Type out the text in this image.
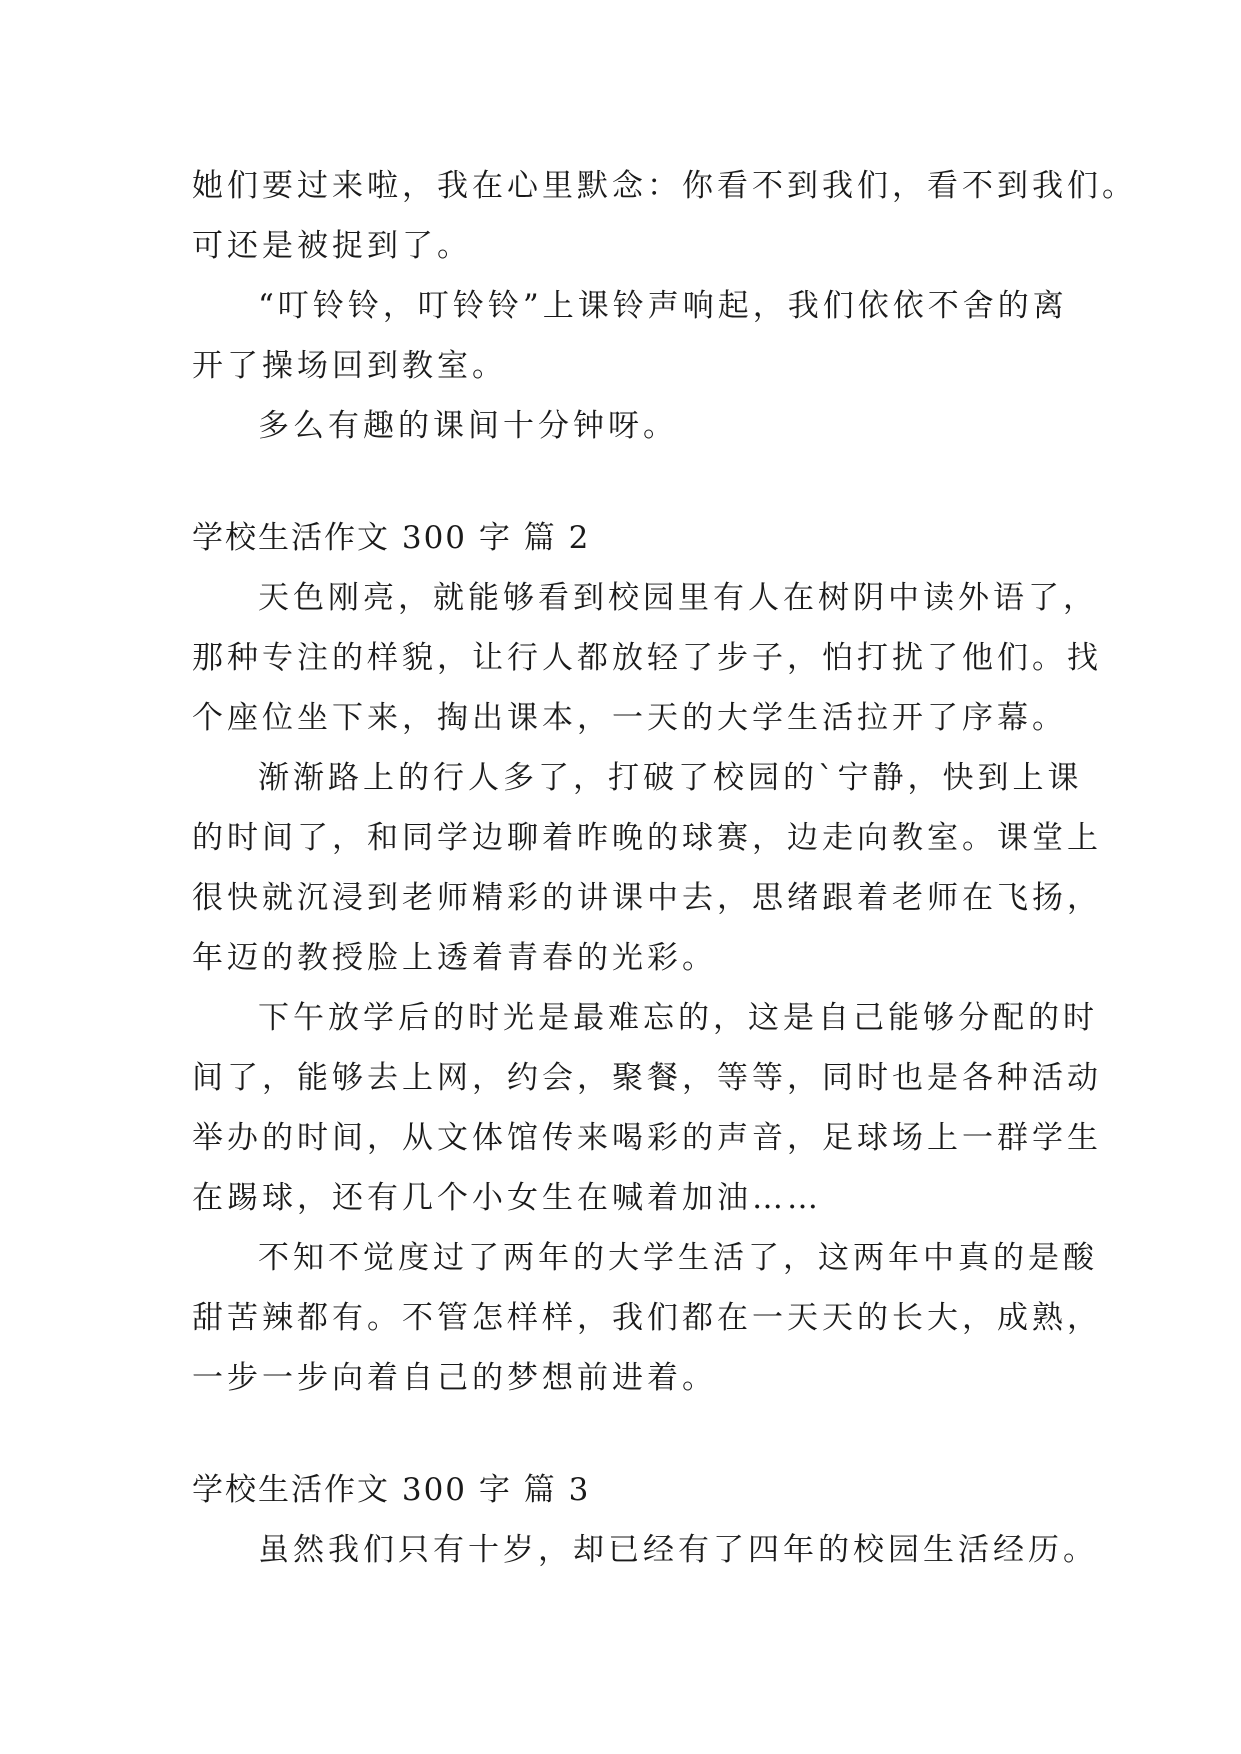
她们要过来啦，我在心里默念：你看不到我们，看不到我们。
可还是被捉到了。
“叮铃铃，叮铃铃”上课铃声响起，我们依依不舍的离
开了操场回到教室。
多么有趣的课间十分钟呀。
学校生活作文 300 字 篇 2
天色刚亮，就能够看到校园里有人在树阴中读外语了，
那种专注的样貌，让行人都放轻了步子，怕打扰了他们。找
个座位坐下来，掏出课本，一天的大学生活拉开了序幕。
渐渐路上的行人多了，打破了校园的`宁静，快到上课
的时间了，和同学边聊着昨晚的球赛，边走向教室。课堂上
很快就沉浸到老师精彩的讲课中去，思绪跟着老师在飞扬，
年迈的教授脸上透着青春的光彩。
下午放学后的时光是最难忘的，这是自己能够分配的时
间了，能够去上网，约会，聚餐，等等，同时也是各种活动
举办的时间，从文体馆传来喝彩的声音，足球场上一群学生
在踢球，还有几个小女生在喊着加油……
不知不觉度过了两年的大学生活了，这两年中真的是酸
甜苦辣都有。不管怎样样，我们都在一天天的长大，成熟，
一步一步向着自己的梦想前进着。
学校生活作文 300 字 篇 3
虽然我们只有十岁，却已经有了四年的校园生活经历。
